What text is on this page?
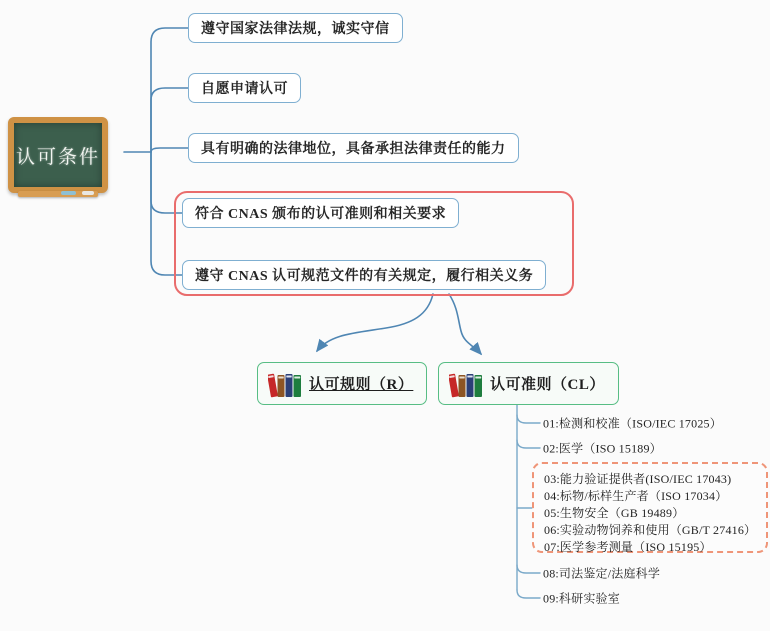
认可条件
遵守国家法律法规，诚实守信
自愿申请认可
具有明确的法律地位，具备承担法律责任的能力
符合 CNAS 颁布的认可准则和相关要求
遵守 CNAS 认可规范文件的有关规定，履行相关义务
认可规则（R）	认可准则（CL）
01:检测和校准（ISO/IEC 17025）
02:医学（ISO 15189）
03:能力验证提供者(ISO/IEC 17043)
04:标物/标样生产者（ISO 17034）
05:生物安全（GB 19489）
06:实验动物饲养和使用（GB/T 27416）
07:医学参考测量（ISO 15195）
08:司法鉴定/法庭科学
09:科研实验室
